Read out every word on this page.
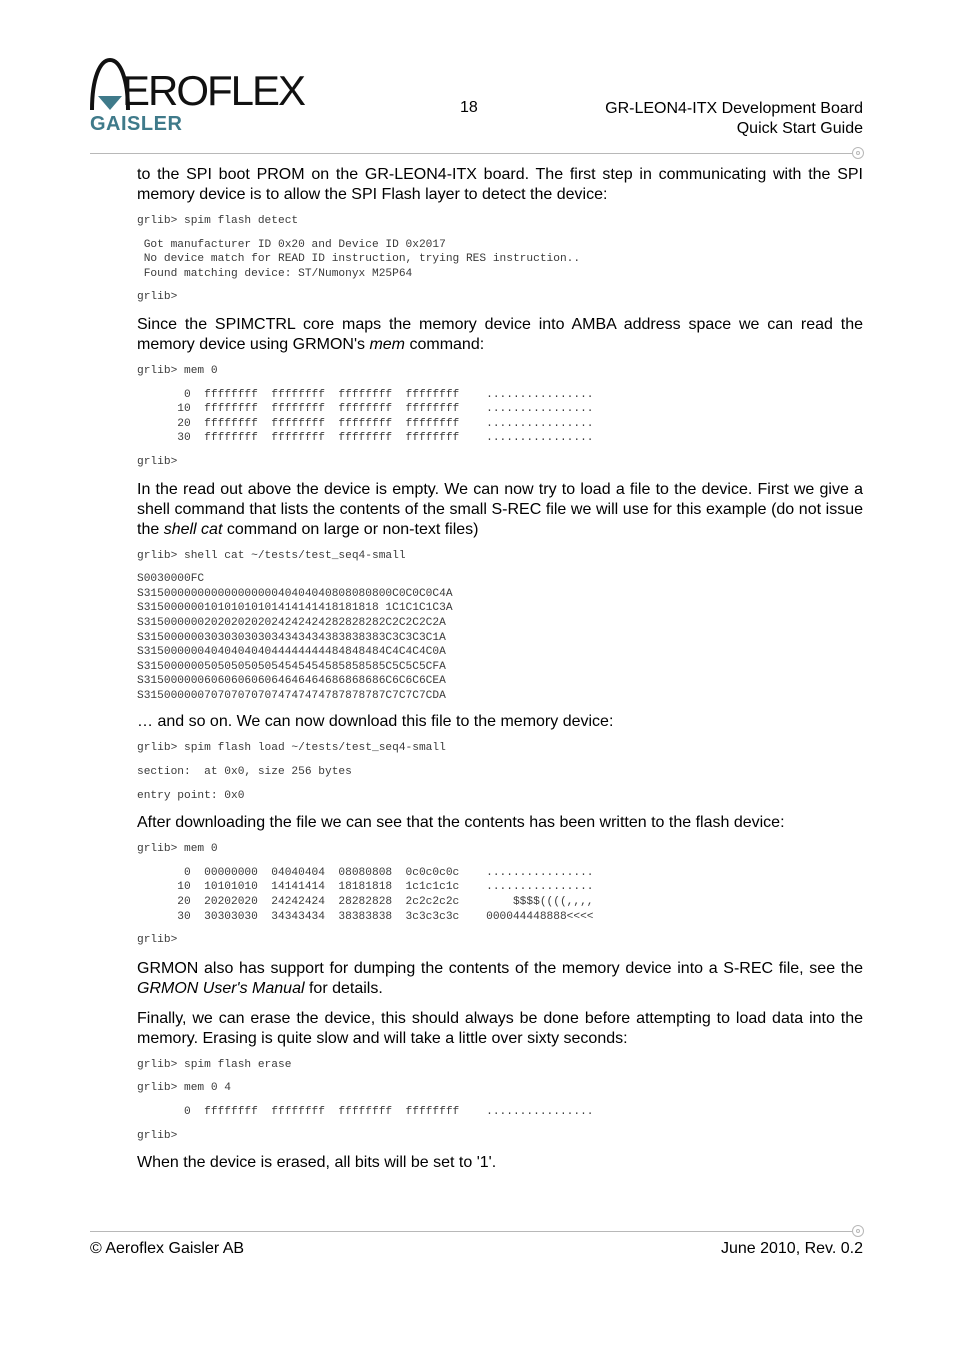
EROFLEX
GAISLER
18	GR-LEON4-ITX Development Board
Quick Start Guide

to the SPI boot PROM on the GR-LEON4-ITX board. The first step in communicating with the SPI memory device is to allow the SPI Flash layer to detect the device:

grlib> spim flash detect
Got manufacturer ID 0x20 and Device ID 0x2017
No device match for READ ID instruction, trying RES instruction..
Found matching device: ST/Numonyx M25P64
grlib>

Since the SPIMCTRL core maps the memory device into AMBA address space we can read the memory device using GRMON's mem command:

grlib> mem 0
0  ffffffff  ffffffff  ffffffff  ffffffff    ................
10  ffffffff  ffffffff  ffffffff  ffffffff    ................
20  ffffffff  ffffffff  ffffffff  ffffffff    ................
30  ffffffff  ffffffff  ffffffff  ffffffff    ................
grlib>

In the read out above the device is empty. We can now try to load a file to the device. First we give a shell command that lists the contents of the small S-REC file we will use for this example (do not issue the shell cat command on large or non-text files)

grlib> shell cat ~/tests/test_seq4-small
S0030000FC
S3150000000000000000040404040808080800C0C0C0C4A
S31500000010101010101414141418181818 1C1C1C1C3A
S315000000202020202024242424282828282C2C2C2C2A
S315000000303030303034343434383838383C3C3C3C1A
S315000000404040404044444444484848484C4C4C4C0A
S315000000505050505054545454585858585C5C5C5CFA
S315000000606060606064646464686868686C6C6C6CEA
S315000000707070707074747474787878787C7C7C7CDA

… and so on. We can now download this file to the memory device:

grlib> spim flash load ~/tests/test_seq4-small
section:  at 0x0, size 256 bytes
entry point: 0x0

After downloading the file we can see that the contents has been written to the flash device:

grlib> mem 0
0  00000000  04040404  08080808  0c0c0c0c    ................
10  10101010  14141414  18181818  1c1c1c1c    ................
20  20202020  24242424  28282828  2c2c2c2c        $$$$((((,,,,
30  30303030  34343434  38383838  3c3c3c3c    000044448888<<<<
grlib>

GRMON also has support for dumping the contents of the memory device into a S-REC file, see the GRMON User's Manual for details.

Finally, we can erase the device, this should always be done before attempting to load data into the memory. Erasing is quite slow and will take a little over sixty seconds:

grlib> spim flash erase
grlib> mem 0 4
0  ffffffff  ffffffff  ffffffff  ffffffff    ................
grlib>

When the device is erased, all bits will be set to '1'.

© Aeroflex Gaisler AB	June 2010, Rev. 0.2
